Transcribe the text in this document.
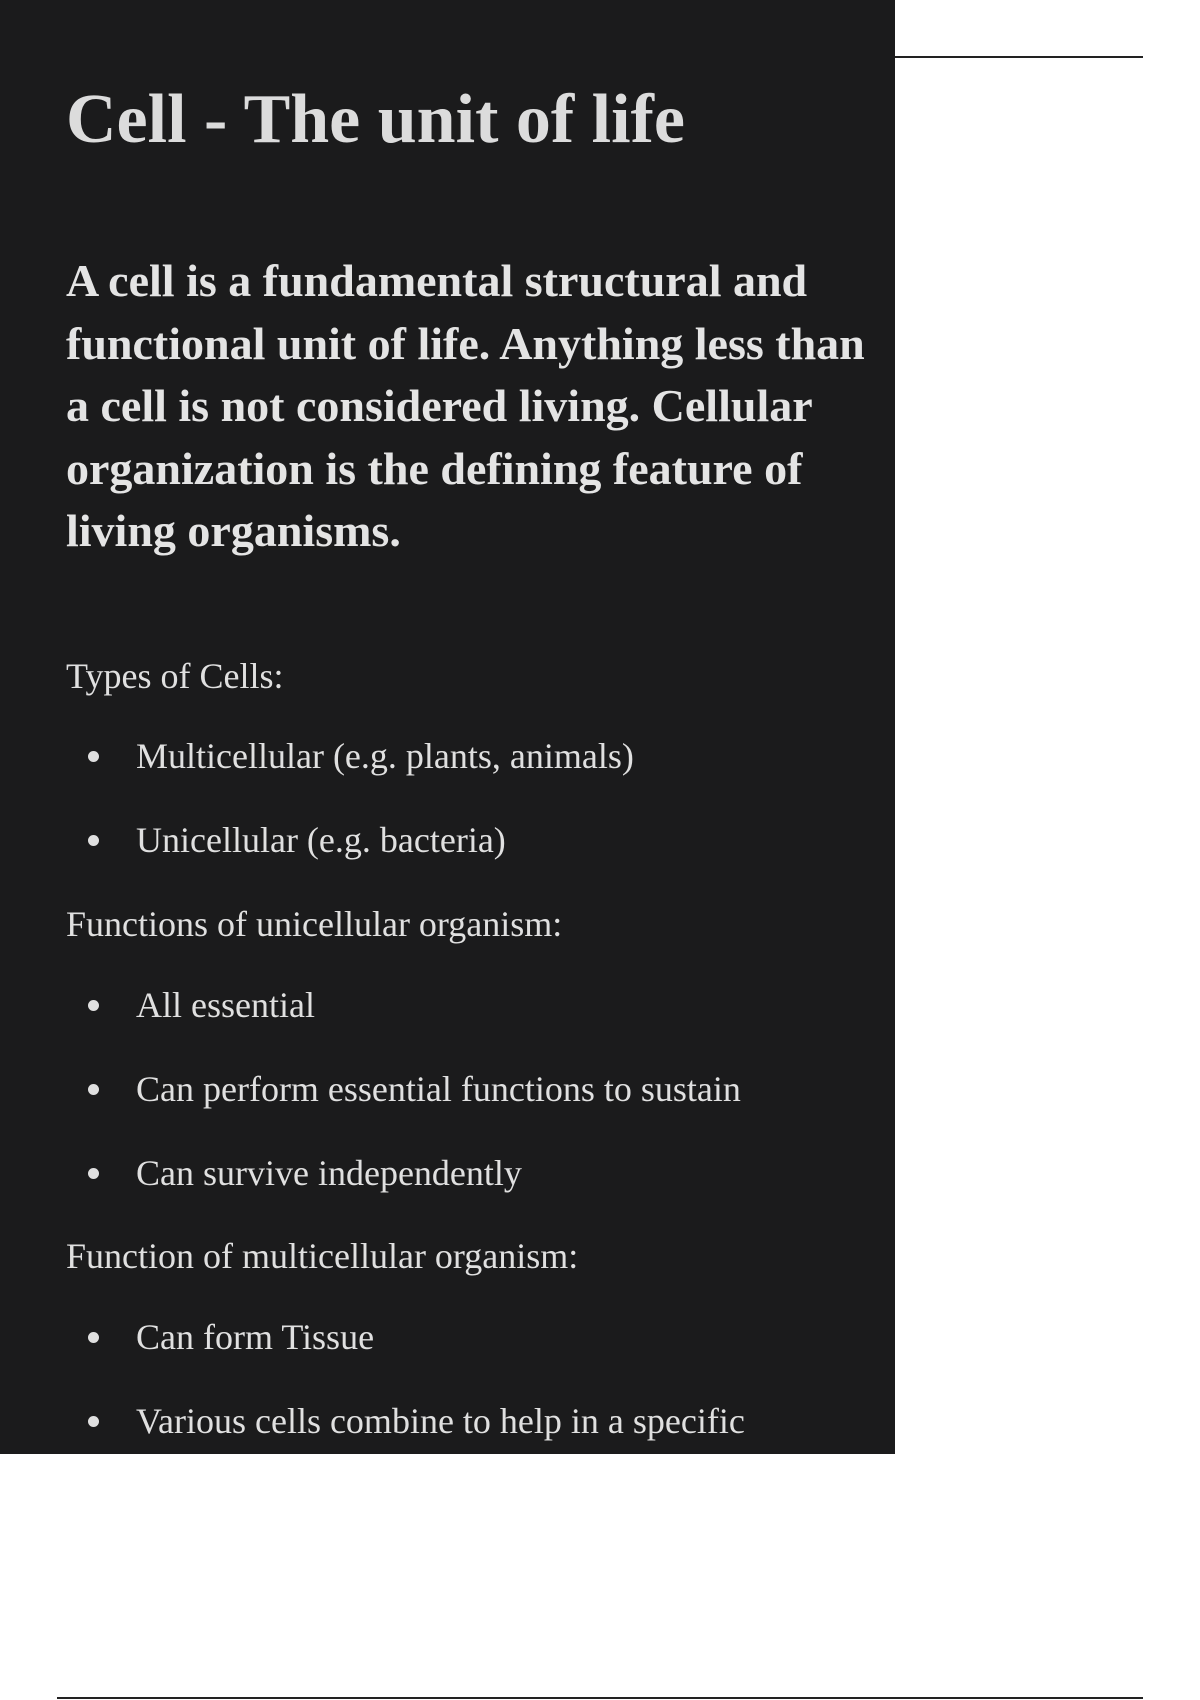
Cell - The unit of life

A cell is a fundamental structural and functional unit of life. Anything less than a cell is not considered living. Cellular organization is the defining feature of living organisms.

Types of Cells:
Multicellular (e.g. plants, animals)
Unicellular (e.g. bacteria)
Functions of unicellular organism:
All essential
Can perform essential functions to sustain
Can survive independently
Function of multicellular organism:
Can form Tissue
Various cells combine to help in a specific
